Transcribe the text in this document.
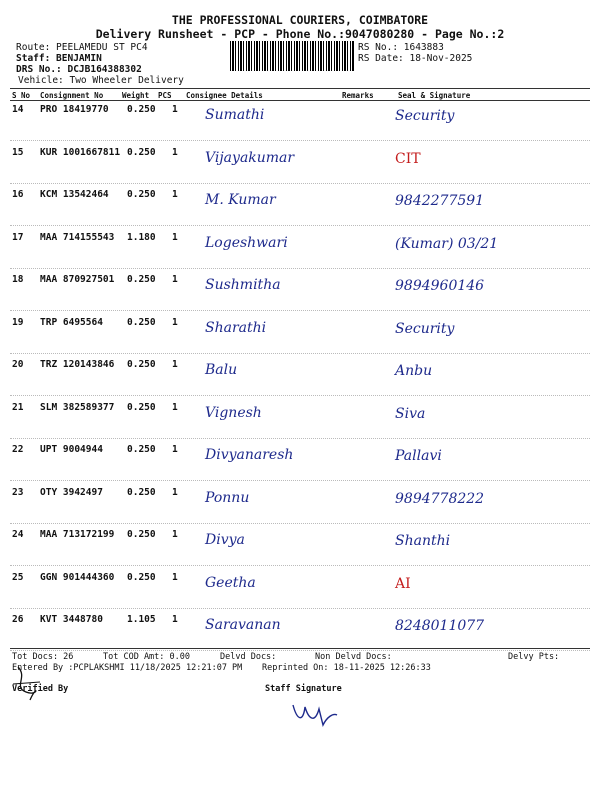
THE PROFESSIONAL COURIERS, COIMBATORE
Delivery Runsheet - PCP - Phone No.:9047080280 - Page No.:2
Route: PEELAMEDU ST PC4
Staff: BENJAMIN
DRS No.: DCJB164388302
Vehicle: Two Wheeler Delivery
RS No.: 1643883
RS Date: 18-Nov-2025
S No Consignment No	Weight PCS Consignee Details	Remarks	Seal & Signature
14 PRO 18419770 0.250 1 Sumathi	Security
15 KUR 1001667811 0.250 1 Vijayakumar	CIT
16 KCM 13542464 0.250 1 M. Kumar	9842277591
17 MAA 714155543 1.180 1 Logeshwari	(Kumar) 03/21
18 MAA 870927501 0.250 1 Sushmitha	9894960146
19 TRP 6495564	0.250 1 Sharathi	Security
20 TRZ 120143846 0.250 1 Balu	Anbu
21 SLM 382589377 0.250 1 Vignesh	Siva
22 UPT 9004944	0.250 1 Divyanaresh	Pallavi
23 OTY 3942497	0.250 1 Ponnu	9894778222
24 MAA 713172199 0.250 1 Divya	Shanthi
25 GGN 901444360 0.250 1 Geetha	AI
26 KVT 3448780	1.105 1 Saravanan	8248011077
Tot Docs: 26	Tot COD Amt: 0.00	Delvd Docs:	Non Delvd Docs:	Delvy Pts:
Entered By :PCPLAKSHMI 11/18/2025 12:21:07 PM Reprinted On: 18-11-2025 12:26:33
Verified By	Staff Signature
